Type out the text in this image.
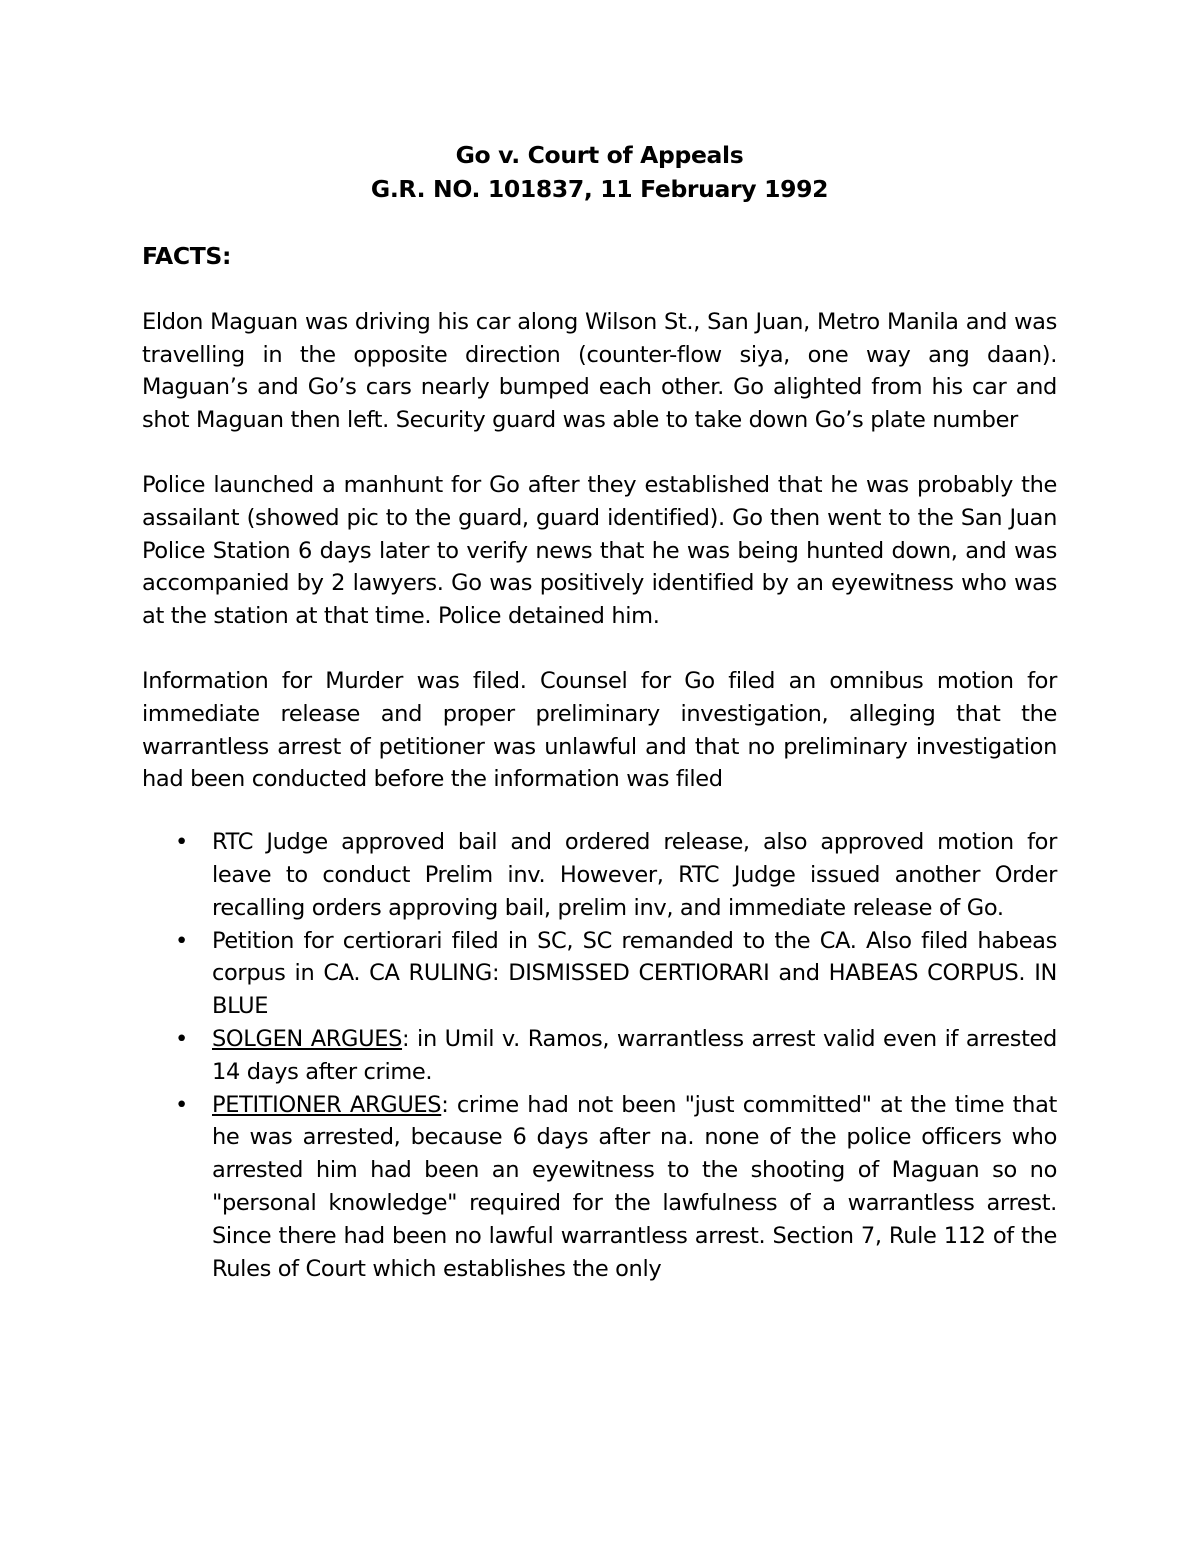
Go v. Court of Appeals
G.R. NO. 101837, 11 February 1992
FACTS:

Eldon Maguan was driving his car along Wilson St., San Juan, Metro Manila and was travelling in the opposite direction (counter-flow siya, one way ang daan). Maguan’s and Go’s cars nearly bumped each other. Go alighted from his car and shot Maguan then left. Security guard was able to take down Go’s plate number

Police launched a manhunt for Go after they established that he was probably the assailant (showed pic to the guard, guard identified). Go then went to the San Juan Police Station 6 days later to verify news that he was being hunted down, and was accompanied by 2 lawyers. Go was positively identified by an eyewitness who was at the station at that time. Police detained him.

Information for Murder was filed. Counsel for Go filed an omnibus motion for immediate release and proper preliminary investigation, alleging that the warrantless arrest of petitioner was unlawful and that no preliminary investigation had been conducted before the information was filed

• RTC Judge approved bail and ordered release, also approved motion for leave to conduct Prelim inv. However, RTC Judge issued another Order recalling orders approving bail, prelim inv, and immediate release of Go.
• Petition for certiorari filed in SC, SC remanded to the CA. Also filed habeas corpus in CA. CA RULING: DISMISSED CERTIORARI and HABEAS CORPUS. IN BLUE
• SOLGEN ARGUES: in Umil v. Ramos, warrantless arrest valid even if arrested 14 days after crime.
• PETITIONER ARGUES: crime had not been "just committed" at the time that he was arrested, because 6 days after na. none of the police officers who arrested him had been an eyewitness to the shooting of Maguan so no "personal knowledge" required for the lawfulness of a warrantless arrest. Since there had been no lawful warrantless arrest. Section 7, Rule 112 of the Rules of Court which establishes the only
